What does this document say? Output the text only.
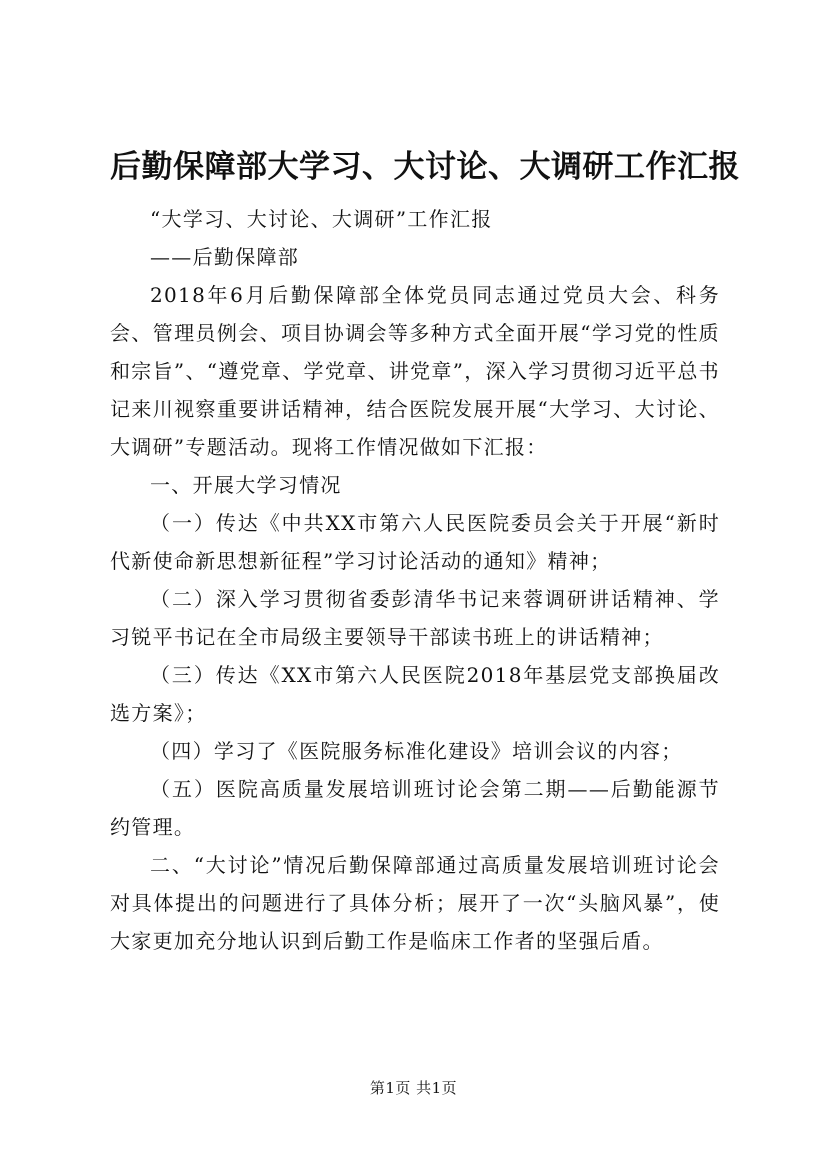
后勤保障部大学习、大讨论、大调研工作汇报

“大学习、大讨论、大调研”工作汇报

——后勤保障部

2018年6月后勤保障部全体党员同志通过党员大会、科务会、管理员例会、项目协调会等多种方式全面开展“学习党的性质和宗旨”、“遵党章、学党章、讲党章”，深入学习贯彻习近平总书记来川视察重要讲话精神，结合医院发展开展“大学习、大讨论、大调研”专题活动。现将工作情况做如下汇报：

一、开展大学习情况

（一）传达《中共XX市第六人民医院委员会关于开展“新时代新使命新思想新征程”学习讨论活动的通知》精神；

（二）深入学习贯彻省委彭清华书记来蓉调研讲话精神、学习锐平书记在全市局级主要领导干部读书班上的讲话精神；

（三）传达《XX市第六人民医院2018年基层党支部换届改选方案》；

（四）学习了《医院服务标准化建设》培训会议的内容；

（五）医院高质量发展培训班讨论会第二期——后勤能源节约管理。

二、“大讨论”情况后勤保障部通过高质量发展培训班讨论会对具体提出的问题进行了具体分析；展开了一次“头脑风暴”，使大家更加充分地认识到后勤工作是临床工作者的坚强后盾。

第1页 共1页
